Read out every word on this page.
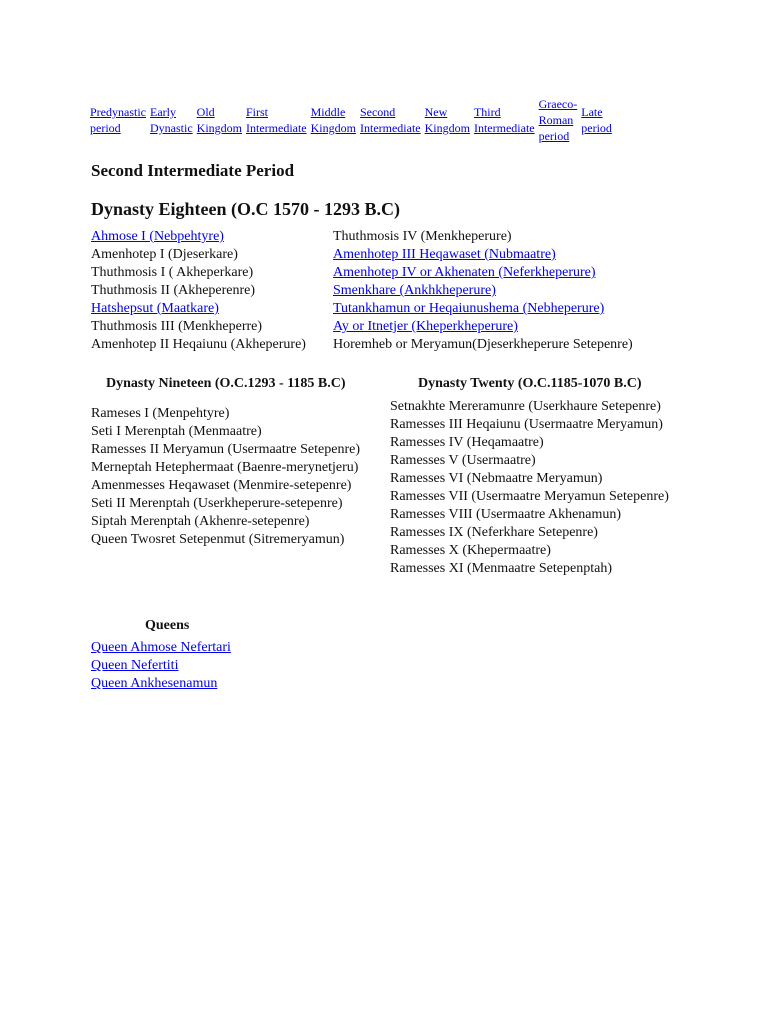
Predynastic
period	Early
Dynastic	Old
Kingdom	First
Intermediate	Middle
Kingdom	Second
Intermediate	New
Kingdom	Third
Intermediate	Graeco-
Roman
period	Late
period
Second Intermediate Period
Dynasty Eighteen (O.C 1570 - 1293 B.C)
Ahmose I (Nebpehtyre)
Amenhotep I (Djeserkare)
Thuthmosis I ( Akheperkare)
Thuthmosis II (Akheperenre)
Hatshepsut (Maatkare)
Thuthmosis III (Menkheperre)
Amenhotep II Heqaiunu (Akheperure)
Thuthmosis IV (Menkheperure)
Amenhotep III Heqawaset (Nubmaatre)
Amenhotep IV or Akhenaten (Neferkheperure)
Smenkhare (Ankhkheperure)
Tutankhamun or Heqaiunushema (Nebheperure)
Ay or Itnetjer (Kheperkheperure)
Horemheb or Meryamun(Djeserkheperure Setepenre)
Dynasty Nineteen (O.C.1293 - 1185 B.C)	Dynasty Twenty (O.C.1185-1070 B.C)
Rameses I (Menpehtyre)
Seti I Merenptah (Menmaatre)
Ramesses II Meryamun (Usermaatre Setepenre)
Merneptah Hetephermaat (Baenre-merynetjeru)
Amenmesses Heqawaset (Menmire-setepenre)
Seti II Merenptah (Userkheperure-setepenre)
Siptah Merenptah (Akhenre-setepenre)
Queen Twosret Setepenmut (Sitremeryamun)
Setnakhte Mereramunre (Userkhaure Setepenre)
Ramesses III Heqaiunu (Usermaatre Meryamun)
Ramesses IV (Heqamaatre)
Ramesses V (Usermaatre)
Ramesses VI (Nebmaatre Meryamun)
Ramesses VII (Usermaatre Meryamun Setepenre)
Ramesses VIII (Usermaatre Akhenamun)
Ramesses IX (Neferkhare Setepenre)
Ramesses X (Khepermaatre)
Ramesses XI (Menmaatre Setepenptah)
Queens
Queen Ahmose Nefertari
Queen Nefertiti
Queen Ankhesenamun
